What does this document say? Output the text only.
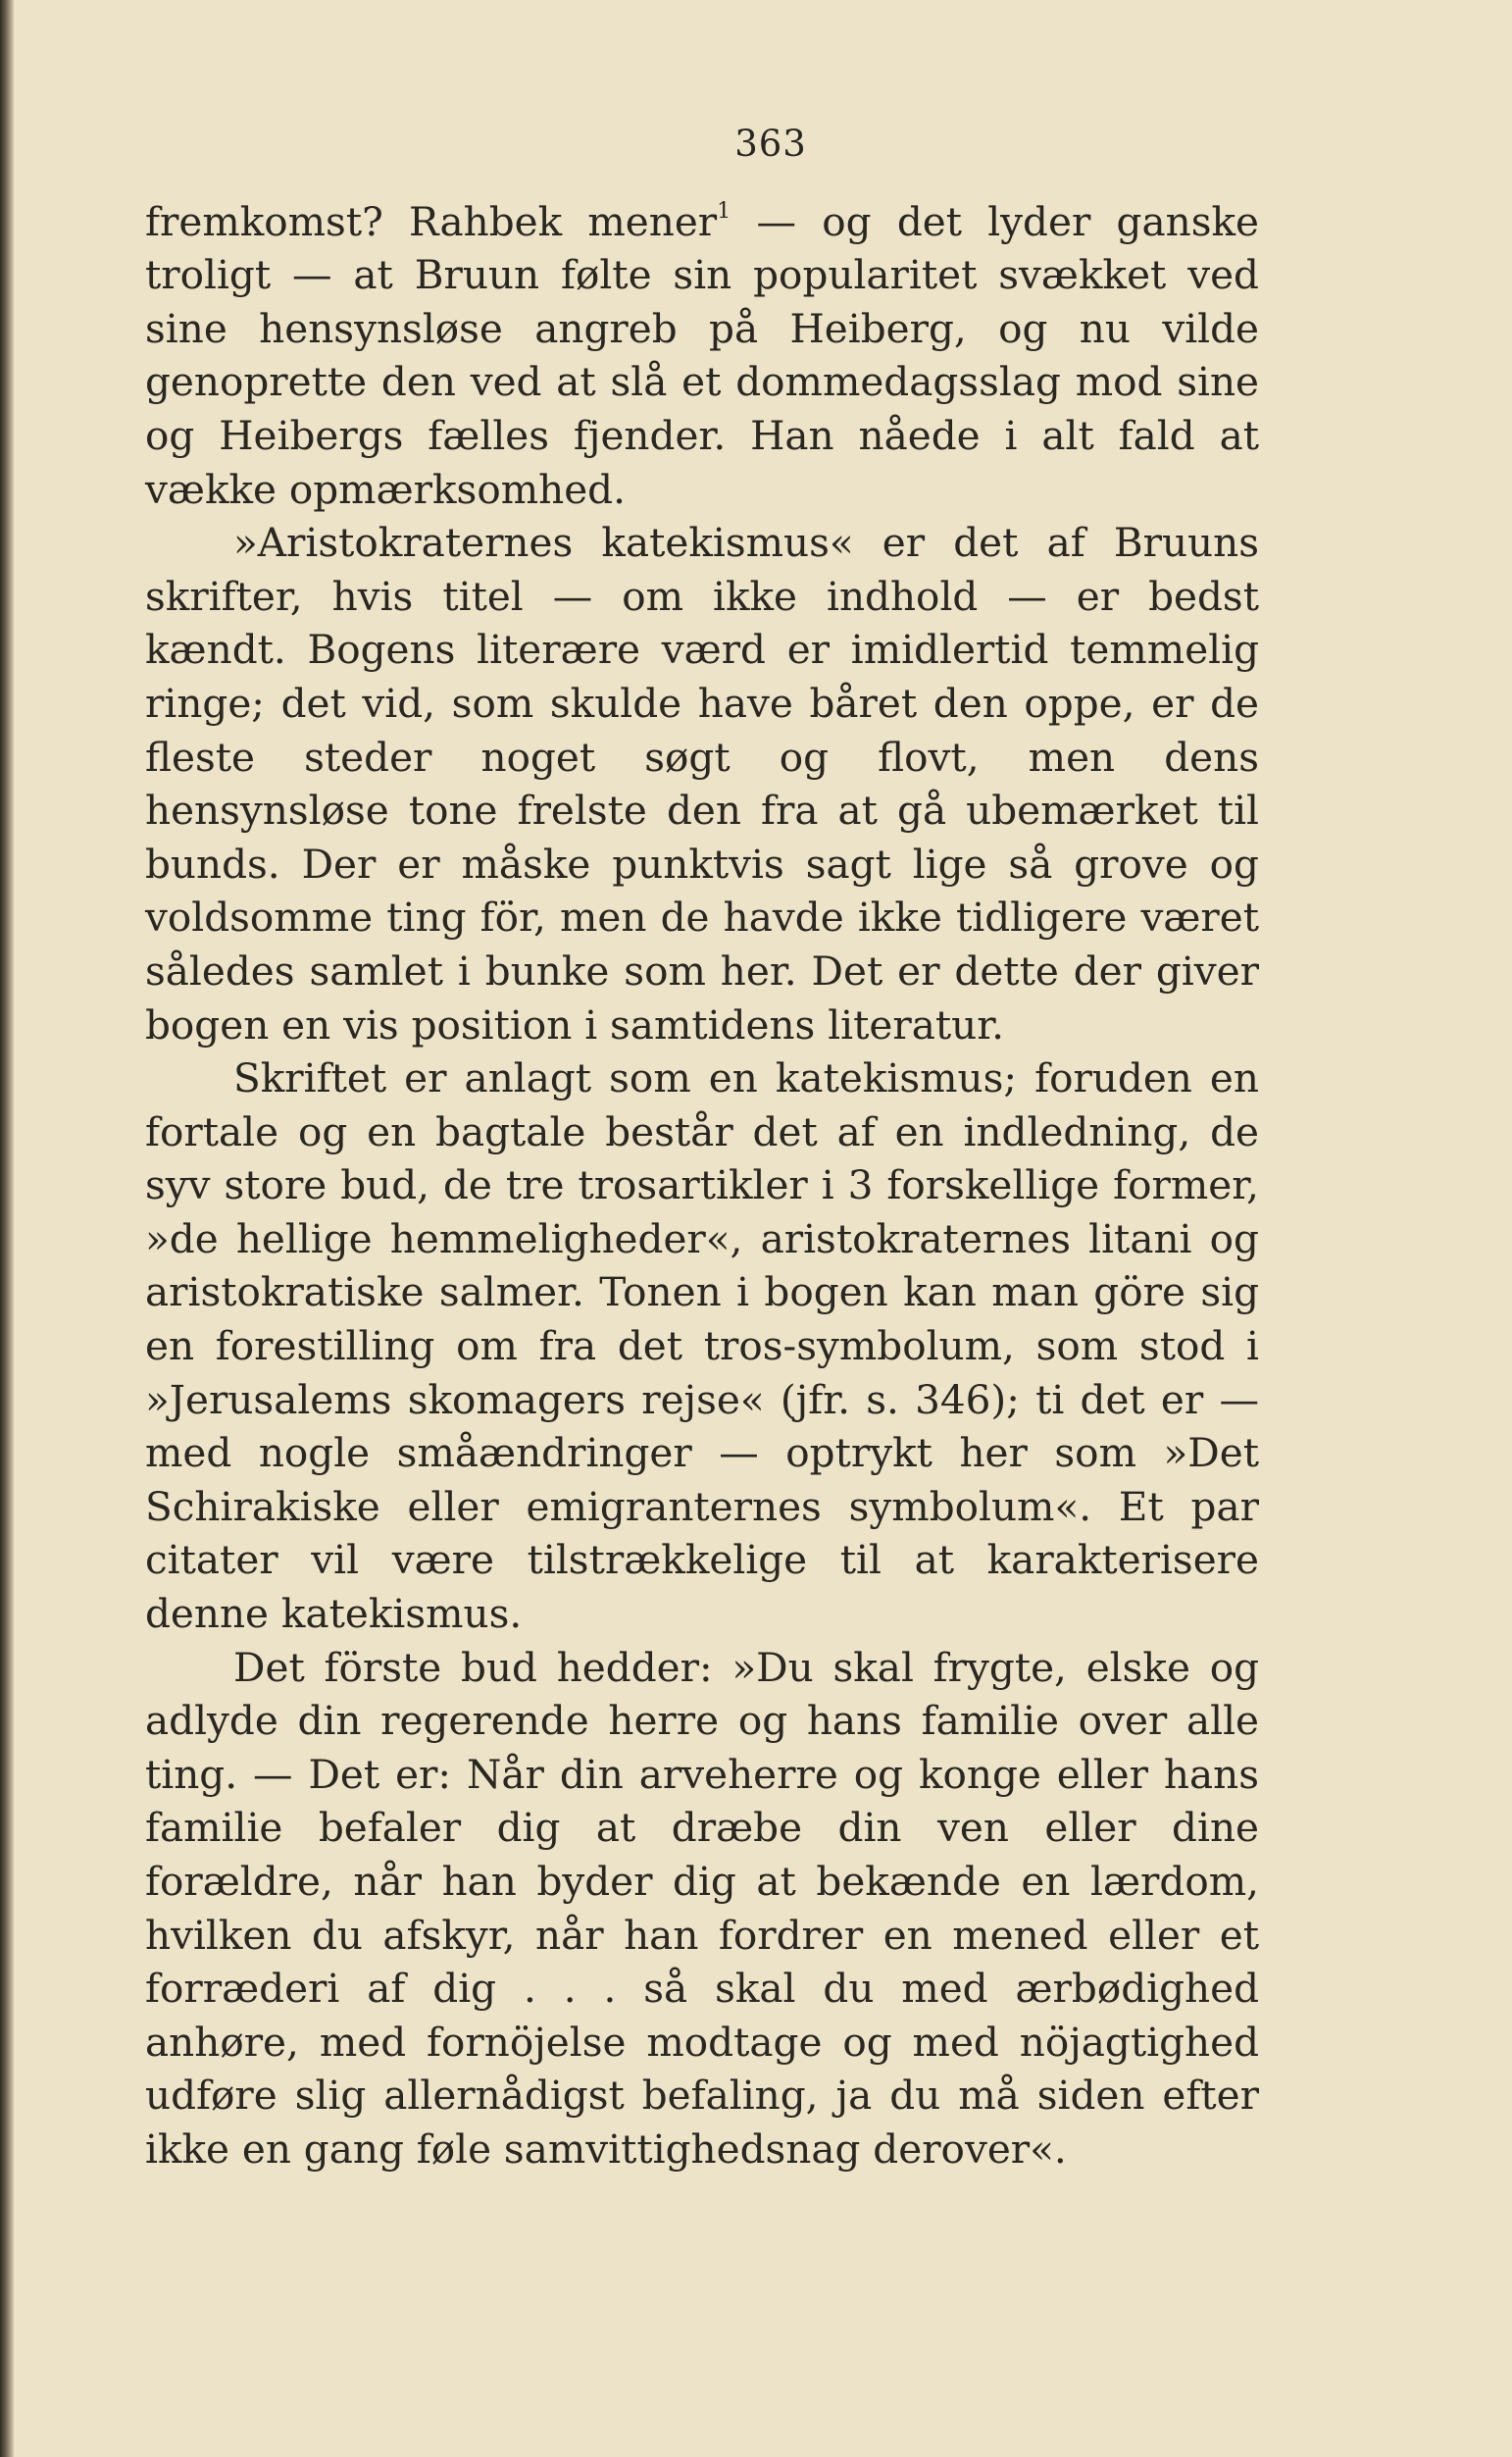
363

fremkomst? Rahbek mener$^1$ — og det lyder ganske troligt — at Bruun følte sin popularitet svækket ved sine hensynsløse angreb på Heiberg, og nu vilde genoprette den ved at slå et dommedagsslag mod sine og Heibergs fælles fjender. Han nåede i alt fald at vække opmærksomhed.

»Aristokraternes katekismus« er det af Bruuns skrifter, hvis titel — om ikke indhold — er bedst kændt. Bogens literære værd er imidlertid temmelig ringe; det vid, som skulde have båret den oppe, er de fleste steder noget søgt og flovt, men dens hensynsløse tone frelste den fra at gå ubemærket til bunds. Der er måske punktvis sagt lige så grove og voldsomme ting för, men de havde ikke tidligere været således samlet i bunke som her. Det er dette der giver bogen en vis position i samtidens literatur.

Skriftet er anlagt som en katekismus; foruden en fortale og en bagtale består det af en indledning, de syv store bud, de tre trosartikler i 3 forskellige former, »de hellige hemmeligheder«, aristokraternes litani og aristokratiske salmer. Tonen i bogen kan man göre sig en forestilling om fra det tros-symbolum, som stod i »Jerusalems skomagers rejse« (jfr. s. 346); ti det er — med nogle småændringer — optrykt her som »Det Schirakiske eller emigranternes symbolum«. Et par citater vil være tilstrækkelige til at karakterisere denne katekismus.

Det förste bud hedder: »Du skal frygte, elske og adlyde din regerende herre og hans familie over alle ting. — Det er: Når din arveherre og konge eller hans familie befaler dig at dræbe din ven eller dine forældre, når han byder dig at bekænde en lærdom, hvilken du afskyr, når han fordrer en mened eller et forræderi af dig . . . så skal du med ærbødighed anhøre, med fornöjelse modtage og med nöjagtighed udføre slig allernådigst befaling, ja du må siden efter ikke en gang føle samvittighedsnag derover«.
